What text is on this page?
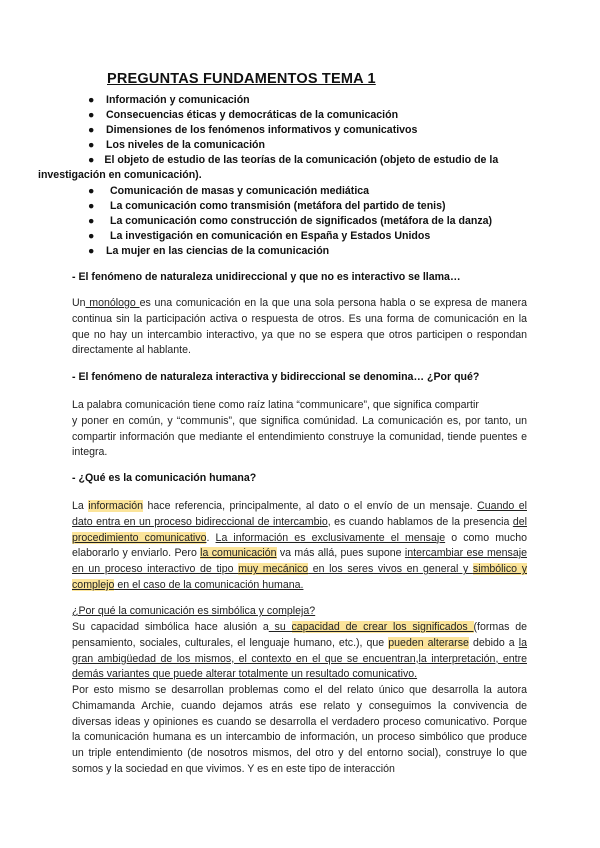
PREGUNTAS FUNDAMENTOS TEMA 1
●	Información y comunicación
●	Consecuencias éticas y democráticas de la comunicación
●	Dimensiones de los fenómenos informativos y comunicativos
●	Los niveles de la comunicación
● El objeto de estudio de las teorías de la comunicación (objeto de estudio de la investigación en comunicación).
●	Comunicación de masas y comunicación mediática
●	La comunicación como transmisión (metáfora del partido de tenis)
●	La comunicación como construcción de significados (metáfora de la danza)
●	La investigación en comunicación en España y Estados Unidos
●	La mujer en las ciencias de la comunicación

- El fenómeno de naturaleza unidireccional y que no es interactivo se llama…

Un monólogo es una comunicación en la que una sola persona habla o se expresa de manera continua sin la participación activa o respuesta de otros. Es una forma de comunicación en la que no hay un intercambio interactivo, ya que no se espera que otros participen o respondan directamente al hablante.

- El fenómeno de naturaleza interactiva y bidireccional se denomina… ¿Por qué?

La palabra comunicación tiene como raíz latina “communicare”, que significa compartir
y poner en común, y “communis”, que significa comúnidad. La comunicación es, por tanto, un compartir información que mediante el entendimiento construye la comunidad, tiende puentes e integra.

- ¿Qué es la comunicación humana?

La información hace referencia, principalmente, al dato o el envío de un mensaje. Cuando el dato entra en un proceso bidireccional de intercambio, es cuando hablamos de la presencia del procedimiento comunicativo. La información es exclusivamente el mensaje o como mucho elaborarlo y enviarlo. Pero la comunicación va más allá, pues supone intercambiar ese mensaje en un proceso interactivo de tipo muy mecánico en los seres vivos en general y simbólico y complejo en el caso de la comunicación humana.

¿Por qué la comunicación es simbólica y compleja?

Su capacidad simbólica hace alusión a su capacidad de crear los significados (formas de pensamiento, sociales, culturales, el lenguaje humano, etc.), que pueden alterarse debido a la gran ambigüedad de los mismos, el contexto en el que se encuentran,la interpretación, entre demás variantes que puede alterar totalmente un resultado comunicativo.

Por esto mismo se desarrollan problemas como el del relato único que desarrolla la autora Chimamanda Archie, cuando dejamos atrás ese relato y conseguimos la convivencia de diversas ideas y opiniones es cuando se desarrolla el verdadero proceso comunicativo. Porque la comunicación humana es un intercambio de información, un proceso simbólico que produce un triple entendimiento (de nosotros mismos, del otro y del entorno social), construye lo que somos y la sociedad en que vivimos. Y es en este tipo de interacción
